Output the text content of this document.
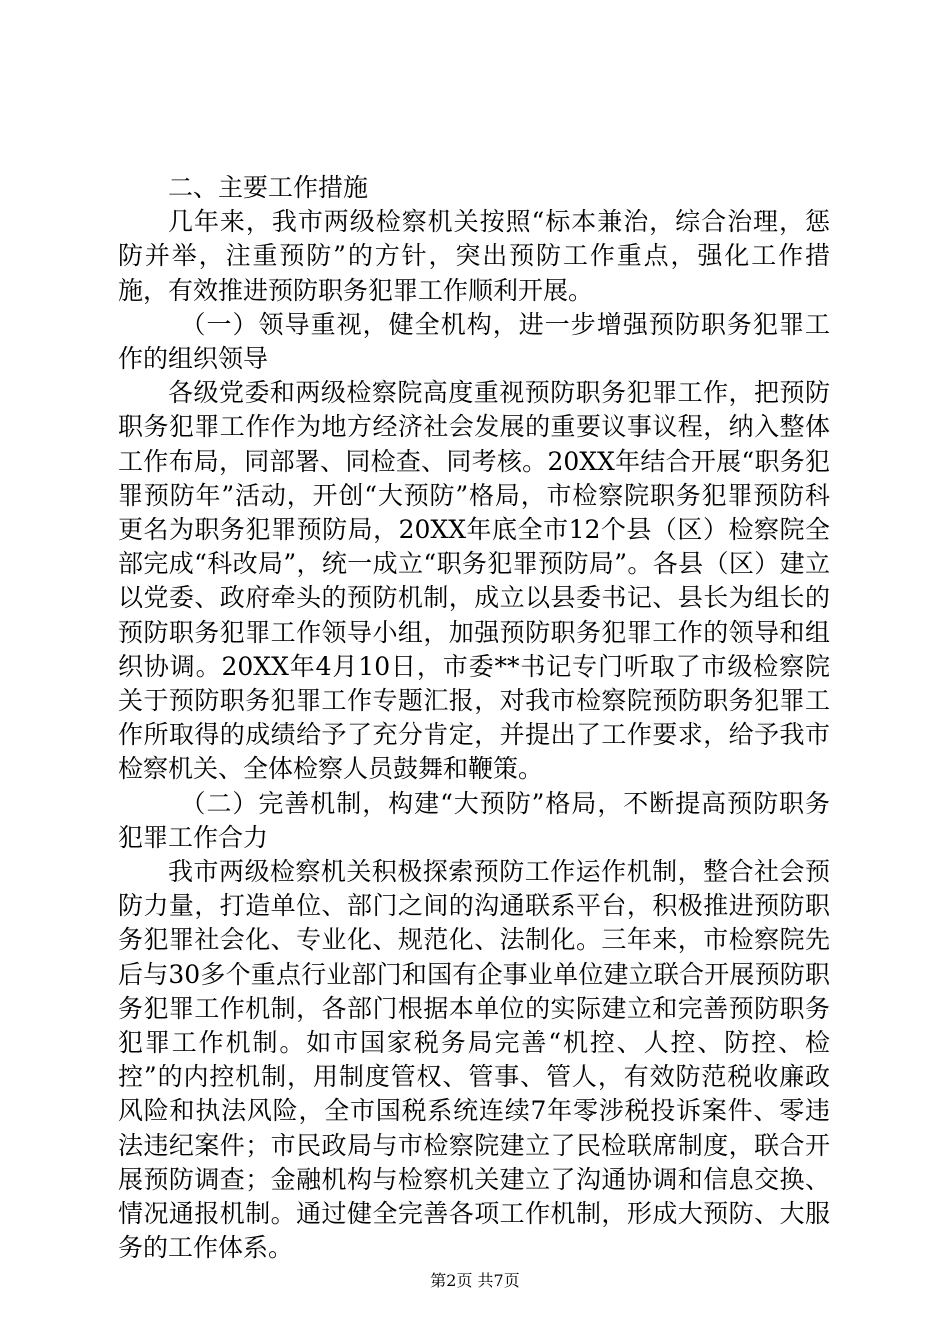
二、主要工作措施

几年来，我市两级检察机关按照“标本兼治，综合治理，惩防并举，注重预防”的方针，突出预防工作重点，强化工作措施，有效推进预防职务犯罪工作顺利开展。

（一）领导重视，健全机构，进一步增强预防职务犯罪工作的组织领导

各级党委和两级检察院高度重视预防职务犯罪工作，把预防职务犯罪工作作为地方经济社会发展的重要议事议程，纳入整体工作布局，同部署、同检查、同考核。20XX年结合开展“职务犯罪预防年”活动，开创“大预防”格局，市检察院职务犯罪预防科更名为职务犯罪预防局，20XX年底全市12个县（区）检察院全部完成“科改局”，统一成立“职务犯罪预防局”。各县（区）建立以党委、政府牵头的预防机制，成立以县委书记、县长为组长的预防职务犯罪工作领导小组，加强预防职务犯罪工作的领导和组织协调。20XX年4月10日，市委**书记专门听取了市级检察院关于预防职务犯罪工作专题汇报，对我市检察院预防职务犯罪工作所取得的成绩给予了充分肯定，并提出了工作要求，给予我市检察机关、全体检察人员鼓舞和鞭策。

（二）完善机制，构建“大预防”格局，不断提高预防职务犯罪工作合力

我市两级检察机关积极探索预防工作运作机制，整合社会预防力量，打造单位、部门之间的沟通联系平台，积极推进预防职务犯罪社会化、专业化、规范化、法制化。三年来，市检察院先后与30多个重点行业部门和国有企事业单位建立联合开展预防职务犯罪工作机制，各部门根据本单位的实际建立和完善预防职务犯罪工作机制。如市国家税务局完善“机控、人控、防控、检控”的内控机制，用制度管权、管事、管人，有效防范税收廉政风险和执法风险，全市国税系统连续7年零涉税投诉案件、零违法违纪案件；市民政局与市检察院建立了民检联席制度，联合开展预防调查；金融机构与检察机关建立了沟通协调和信息交换、情况通报机制。通过健全完善各项工作机制，形成大预防、大服务的工作体系。

第2页 共7页
